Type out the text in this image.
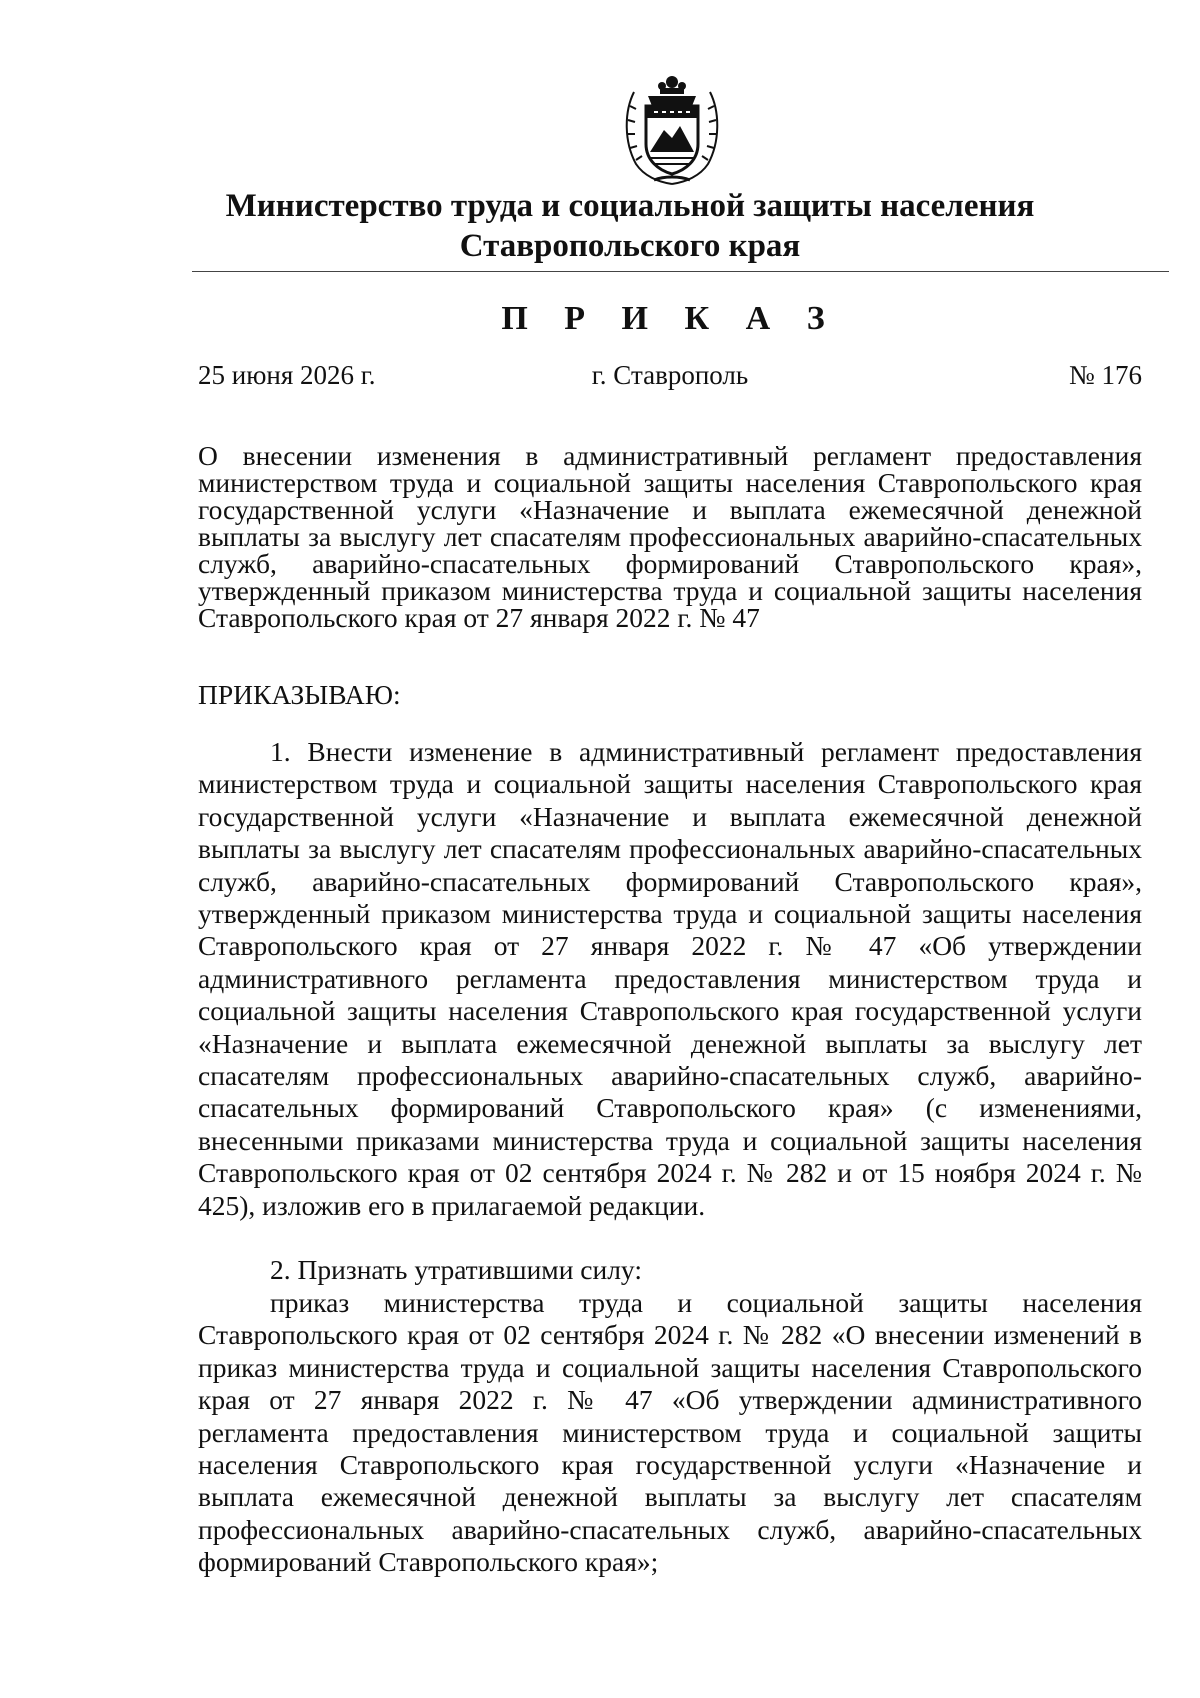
Министерство труда и социальной защиты населения
Ставропольского края
П Р И К А З
25 июня 2026 г.	г. Ставрополь	№ 176

О внесении изменения в административный регламент предоставления министерством труда и социальной защиты населения Ставропольского края государственной услуги «Назначение и выплата ежемесячной денежной выплаты за выслугу лет спасателям профессиональных аварийно-спасательных служб, аварийно-спасательных формирований Ставропольского края», утвержденный приказом министерства труда и социальной защиты населения Ставропольского края от 27 января 2022 г. № 47

ПРИКАЗЫВАЮ:

1. Внести изменение в административный регламент предоставления министерством труда и социальной защиты населения Ставропольского края государственной услуги «Назначение и выплата ежемесячной денежной выплаты за выслугу лет спасателям профессиональных аварийно-спасательных служб, аварийно-спасательных формирований Ставропольского края», утвержденный приказом министерства труда и социальной защиты населения Ставропольского края от 27 января 2022 г. № 47 «Об утверждении административного регламента предоставления министерством труда и социальной защиты населения Ставропольского края государственной услуги «Назначение и выплата ежемесячной денежной выплаты за выслугу лет спасателям профессиональных аварийно-спасательных служб, аварийно-спасательных формирований Ставропольского края» (с изменениями, внесенными приказами министерства труда и социальной защиты населения Ставропольского края от 02 сентября 2024 г. № 282 и от 15 ноября 2024 г. № 425), изложив его в прилагаемой редакции.

2. Признать утратившими силу:

приказ министерства труда и социальной защиты населения Ставропольского края от 02 сентября 2024 г. № 282 «О внесении изменений в приказ министерства труда и социальной защиты населения Ставропольского края от 27 января 2022 г. № 47 «Об утверждении административного регламента предоставления министерством труда и социальной защиты населения Ставропольского края государственной услуги «Назначение и выплата ежемесячной денежной выплаты за выслугу лет спасателям профессиональных аварийно-спасательных служб, аварийно-спасательных формирований Ставропольского края»;
